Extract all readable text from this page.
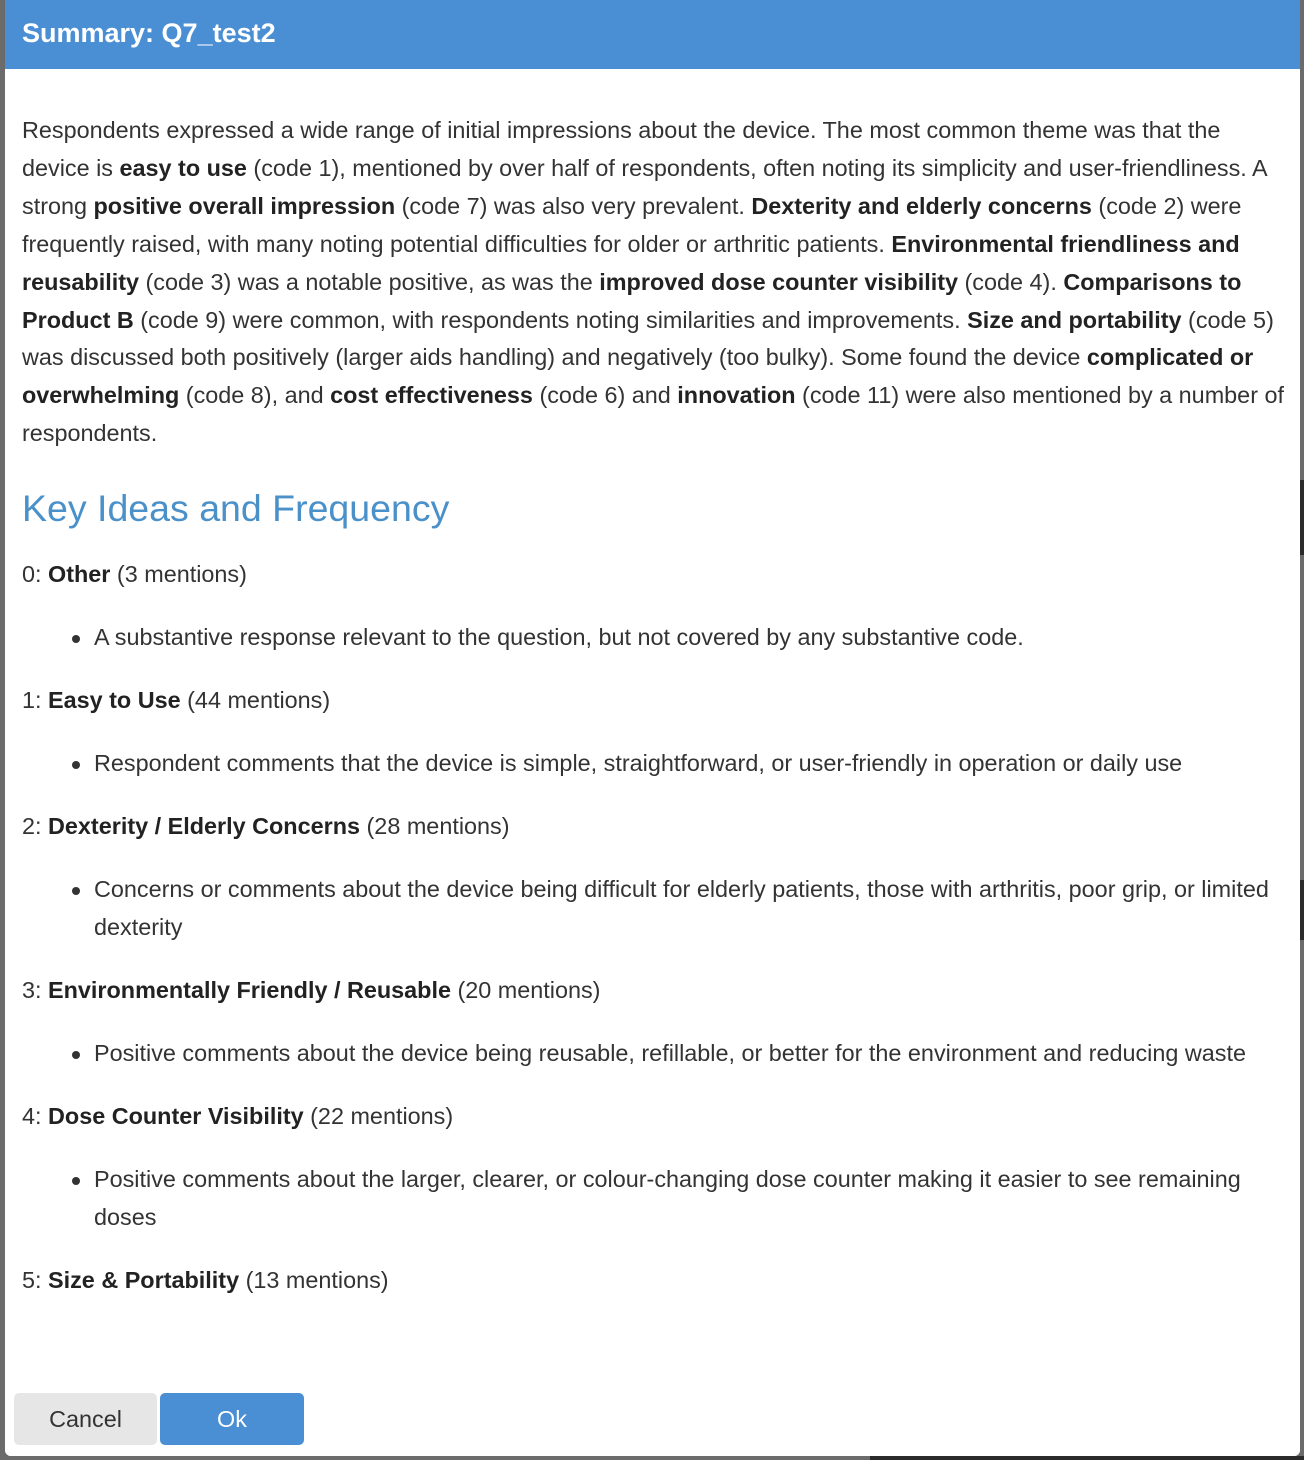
Summary: Q7_test2

Respondents expressed a wide range of initial impressions about the device. The most common theme was that the device is easy to use (code 1), mentioned by over half of respondents, often noting its simplicity and user-friendliness. A strong positive overall impression (code 7) was also very prevalent. Dexterity and elderly concerns (code 2) were frequently raised, with many noting potential difficulties for older or arthritic patients. Environmental friendliness and reusability (code 3) was a notable positive, as was the improved dose counter visibility (code 4). Comparisons to Product B (code 9) were common, with respondents noting similarities and improvements. Size and portability (code 5) was discussed both positively (larger aids handling) and negatively (too bulky). Some found the device complicated or overwhelming (code 8), and cost effectiveness (code 6) and innovation (code 11) were also mentioned by a number of respondents.

Key Ideas and Frequency

0: Other (3 mentions)

A substantive response relevant to the question, but not covered by any substantive code.

1: Easy to Use (44 mentions)

Respondent comments that the device is simple, straightforward, or user-friendly in operation or daily use

2: Dexterity / Elderly Concerns (28 mentions)

Concerns or comments about the device being difficult for elderly patients, those with arthritis, poor grip, or limited dexterity

3: Environmentally Friendly / Reusable (20 mentions)

Positive comments about the device being reusable, refillable, or better for the environment and reducing waste

4: Dose Counter Visibility (22 mentions)

Positive comments about the larger, clearer, or colour-changing dose counter making it easier to see remaining doses

5: Size & Portability (13 mentions)

Cancel	Ok
